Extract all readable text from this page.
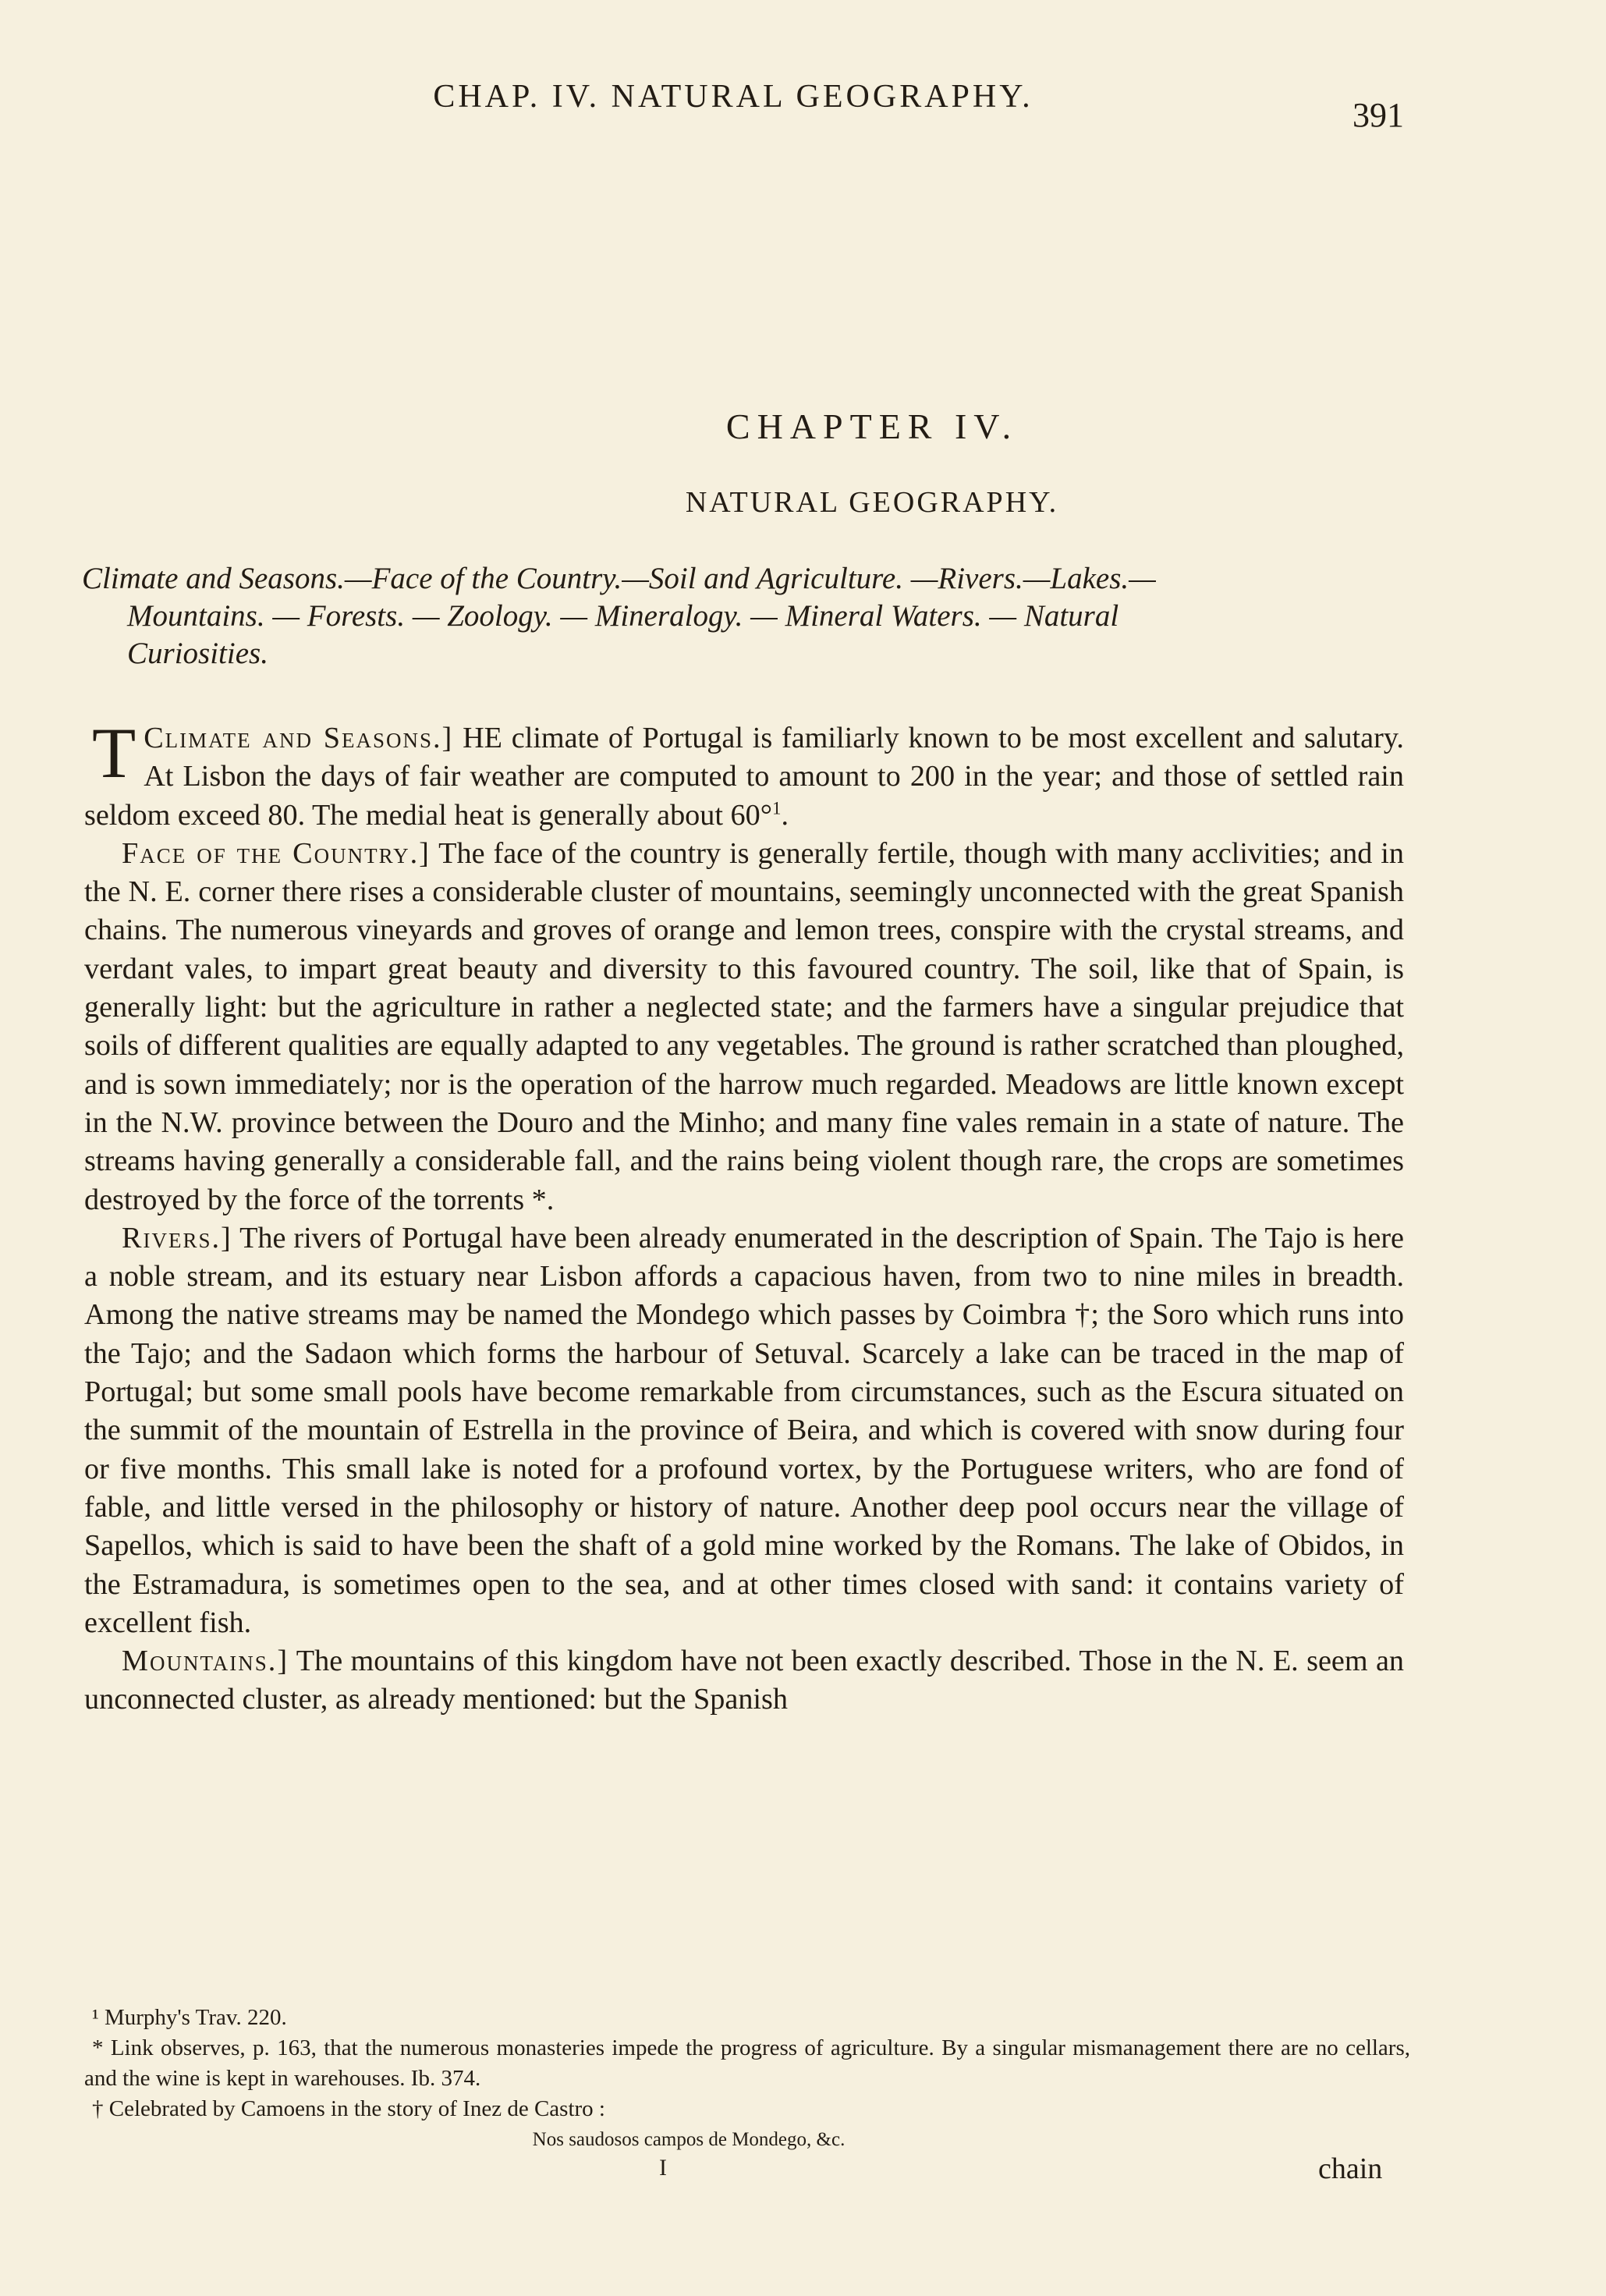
CHAP. IV. NATURAL GEOGRAPHY.	391
CHAPTER IV.
NATURAL GEOGRAPHY.
Climate and Seasons.—Face of the Country.—Soil and Agriculture. —Rivers.—Lakes.—
Mountains. — Forests. — Zoology. — Mineralogy. — Mineral Waters. — Natural
Curiosities.

Climate and Seasons.]
T	HE climate of Portugal is familiarly known to be most excellent and salutary. At Lisbon the days of fair weather are computed to amount to 200 in the year; and those of settled rain seldom exceed 80. The medial heat is generally about 60°$^1$.

Face of the Country.] The face of the country is generally fertile, though with many acclivities; and in the N. E. corner there rises a considerable cluster of mountains, seemingly unconnected with the great Spanish chains. The numerous vineyards and groves of orange and lemon trees, conspire with the crystal streams, and verdant vales, to impart great beauty and diversity to this favoured country. The soil, like that of Spain, is generally light: but the agriculture in rather a neglected state; and the farmers have a singular prejudice that soils of different qualities are equally adapted to any vegetables. The ground is rather scratched than ploughed, and is sown immediately; nor is the operation of the harrow much regarded. Meadows are little known except in the N.W. province between the Douro and the Minho; and many fine vales remain in a state of nature. The streams having generally a considerable fall, and the rains being violent though rare, the crops are sometimes destroyed by the force of the torrents *.

Rivers.] The rivers of Portugal have been already enumerated in the description of Spain. The Tajo is here a noble stream, and its estuary near Lisbon affords a capacious haven, from two to nine miles in breadth. Among the native streams may be named the Mondego which passes by Coimbra †; the Soro which runs into the Tajo; and the Sadaon which forms the harbour of Setuval. Scarcely a lake can be traced in the map of Portugal; but some small pools have become remarkable from circumstances, such as the Escura situated on the summit of the mountain of Estrella in the province of Beira, and which is covered with snow during four or five months. This small lake is noted for a profound vortex, by the Portuguese writers, who are fond of fable, and little versed in the philosophy or history of nature. Another deep pool occurs near the village of Sapellos, which is said to have been the shaft of a gold mine worked by the Romans. The lake of Obidos, in the Estramadura, is sometimes open to the sea, and at other times closed with sand: it contains variety of excellent fish.

Mountains.] The mountains of this kingdom have not been exactly described. Those in the N. E. seem an unconnected cluster, as already mentioned: but the Spanish

¹ Murphy's Trav. 220.

* Link observes, p. 163, that the numerous monasteries impede the progress of agriculture. By a singular mismanagement there are no cellars, and the wine is kept in warehouses. Ib. 374.

† Celebrated by Camoens in the story of Inez de Castro :

Nos saudosos campos de Mondego, &c.

I	chain
